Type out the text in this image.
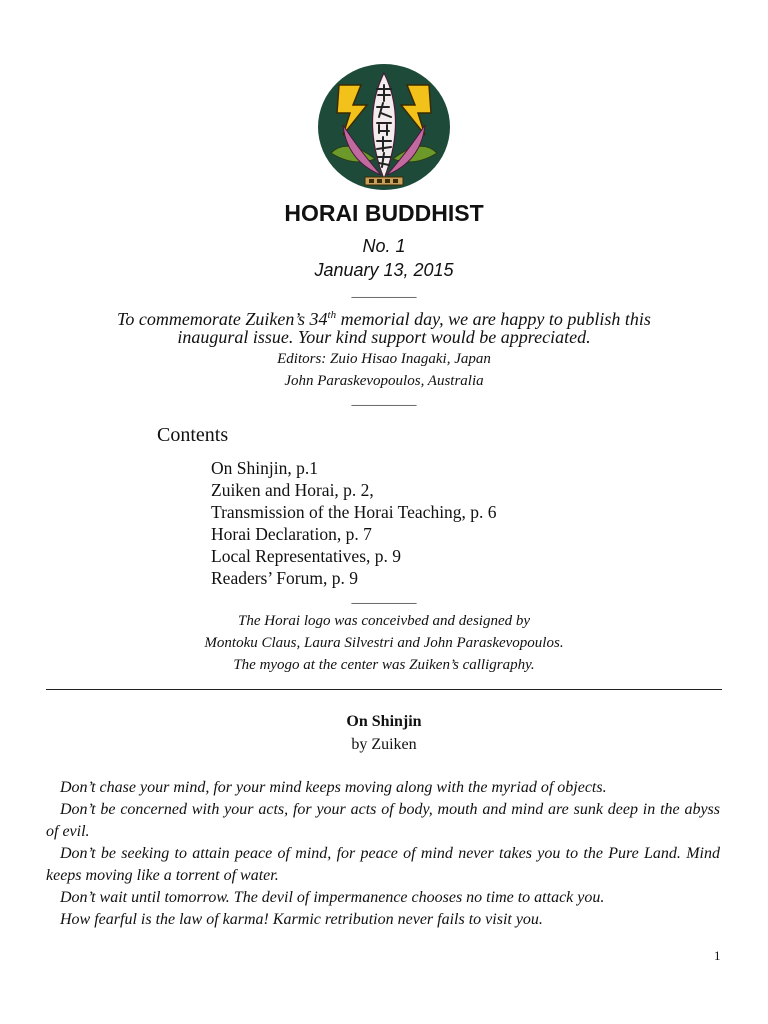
HORAI BUDDHIST
No. 1
January 13, 2015
__________
To commemorate Zuiken’s 34th memorial day, we are happy to publish this
inaugural issue. Your kind support would be appreciated.
Editors: Zuio Hisao Inagaki, Japan
John Paraskevopoulos, Australia
__________
Contents
On Shinjin, p.1
Zuiken and Horai, p. 2,
Transmission of the Horai Teaching, p. 6
Horai Declaration, p. 7
Local Representatives, p. 9
Readers’ Forum, p. 9
__________
The Horai logo was conceivbed and designed by
Montoku Claus, Laura Silvestri and John Paraskevopoulos.
The myogo at the center was Zuiken’s calligraphy.
On Shinjin
by Zuiken

Don’t chase your mind, for your mind keeps moving along with the myriad of objects.

Don’t be concerned with your acts, for your acts of body, mouth and mind are sunk deep in the abyss of evil.

Don’t be seeking to attain peace of mind, for peace of mind never takes you to the Pure Land. Mind keeps moving like a torrent of water.

Don’t wait until tomorrow. The devil of impermanence chooses no time to attack you.

How fearful is the law of karma! Karmic retribution never fails to visit you.

1
